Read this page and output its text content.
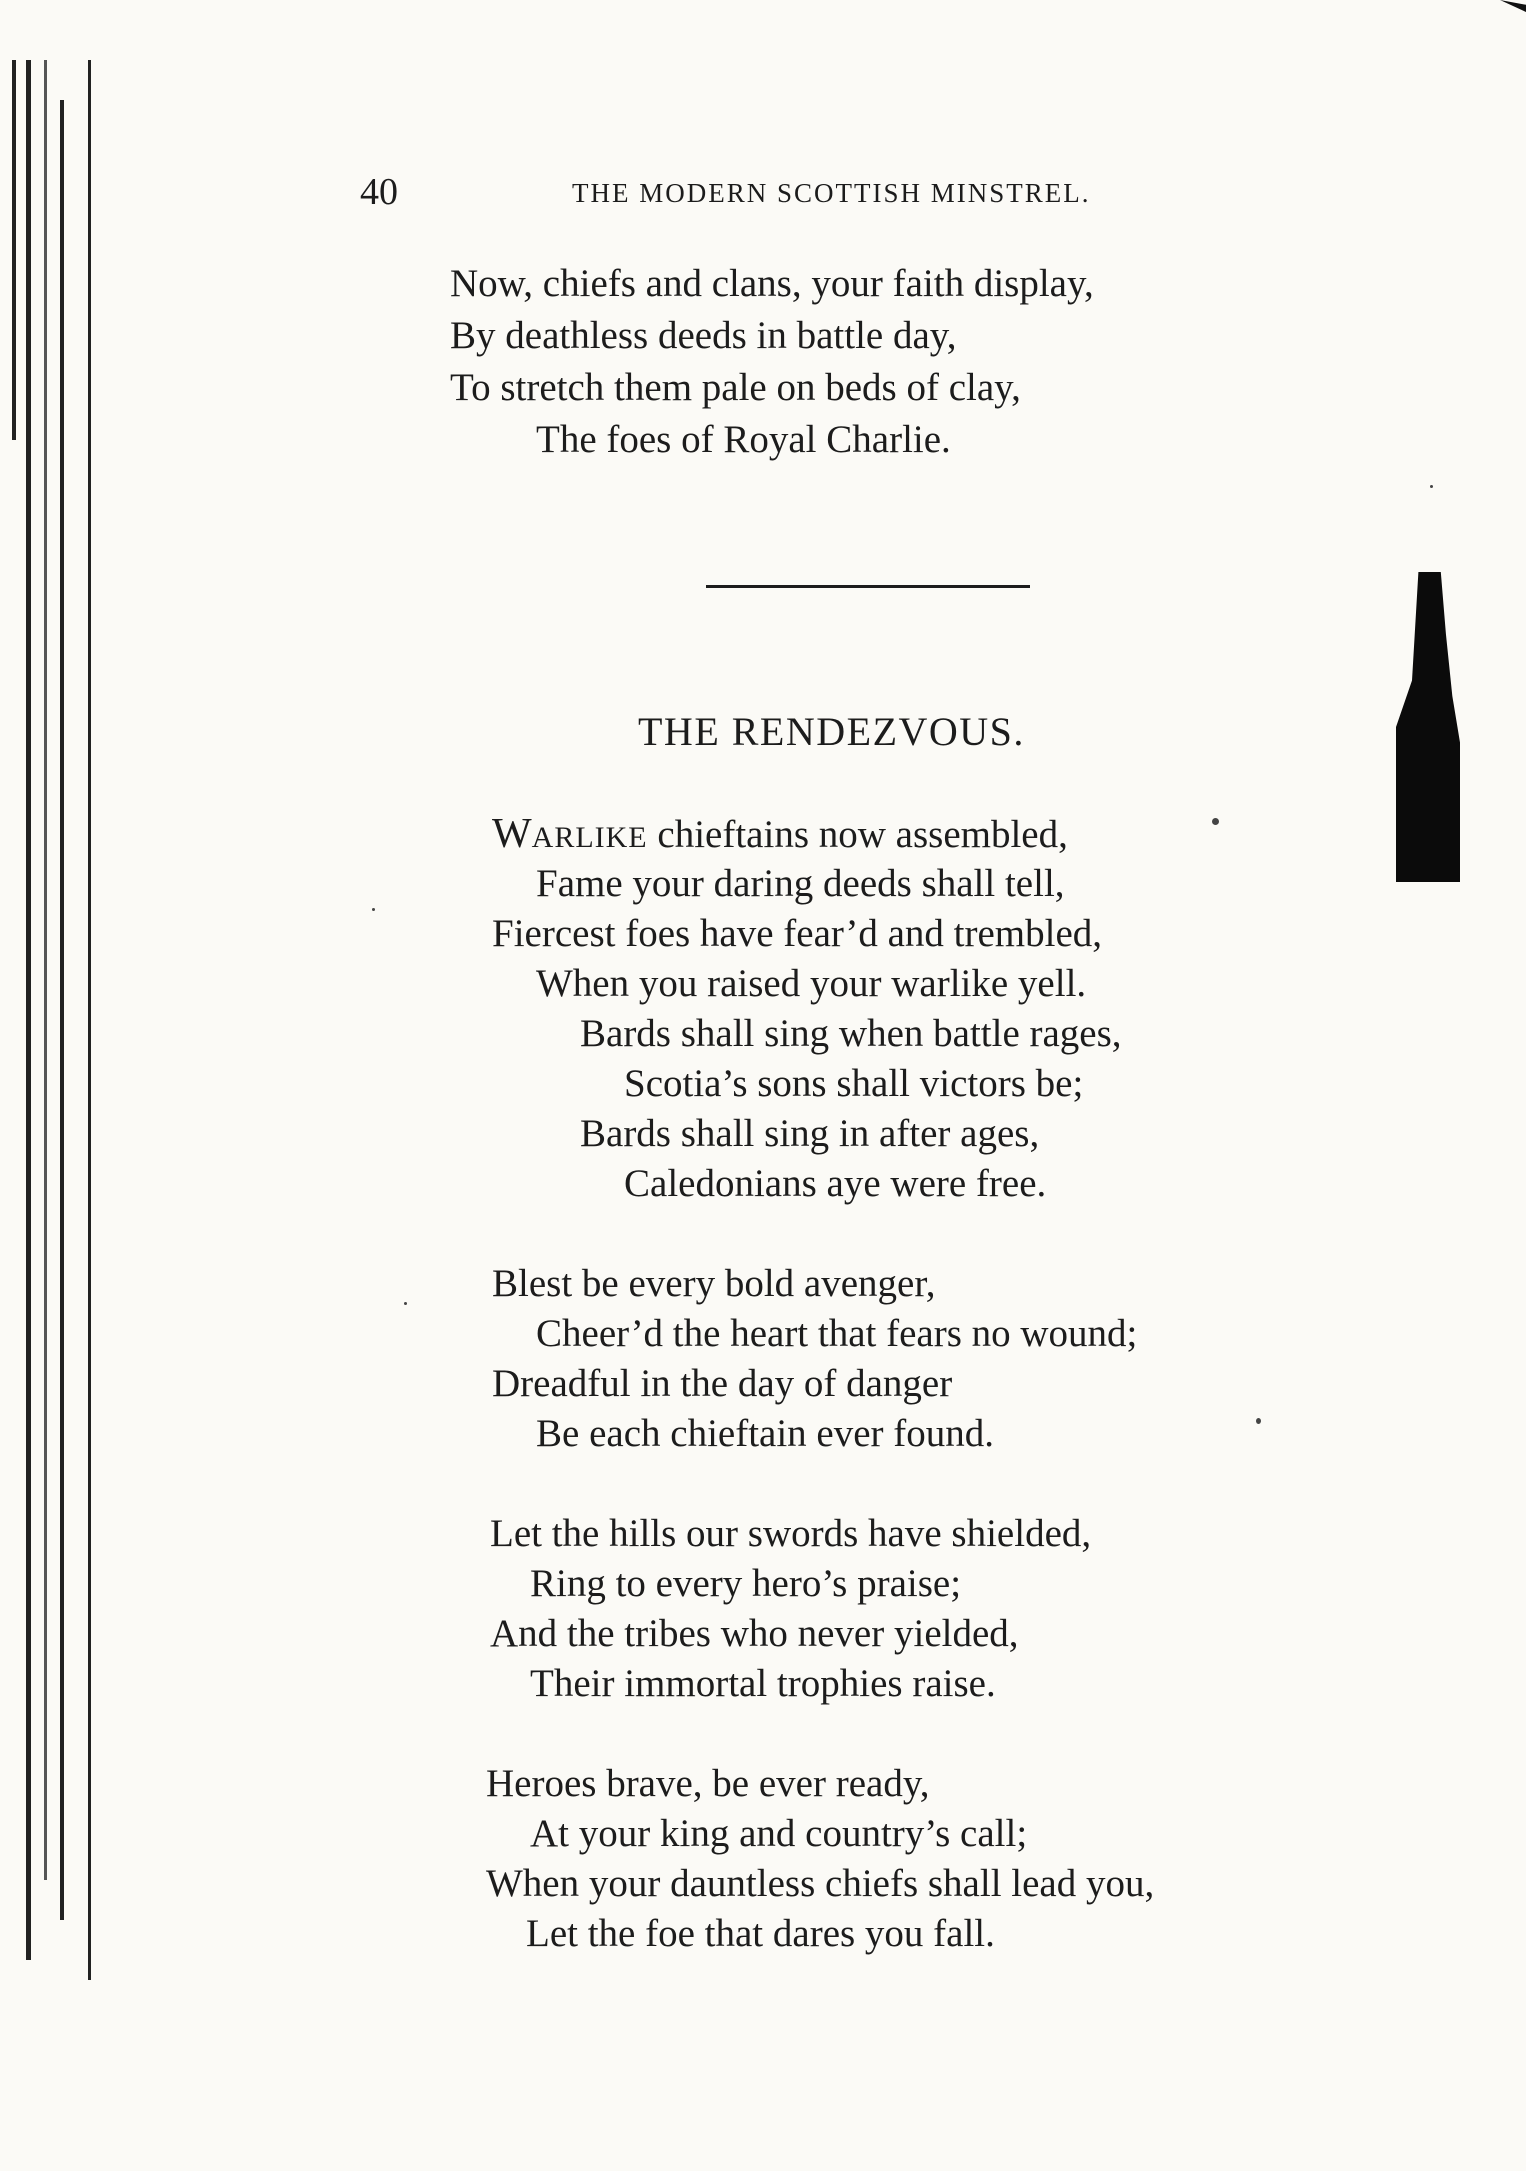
40	THE MODERN SCOTTISH MINSTREL.
Now, chiefs and clans, your faith display,
By deathless deeds in battle day,
To stretch them pale on beds of clay,
The foes of Royal Charlie.
THE RENDEZVOUS.
WARLIKE chieftains now assembled,
Fame your daring deeds shall tell,
Fiercest foes have fear’d and trembled,
When you raised your warlike yell.
Bards shall sing when battle rages,
Scotia’s sons shall victors be;
Bards shall sing in after ages,
Caledonians aye were free.
Blest be every bold avenger,
Cheer’d the heart that fears no wound;
Dreadful in the day of danger
Be each chieftain ever found.
Let the hills our swords have shielded,
Ring to every hero’s praise;
And the tribes who never yielded,
Their immortal trophies raise.
Heroes brave, be ever ready,
At your king and country’s call;
When your dauntless chiefs shall lead you,
Let the foe that dares you fall.
